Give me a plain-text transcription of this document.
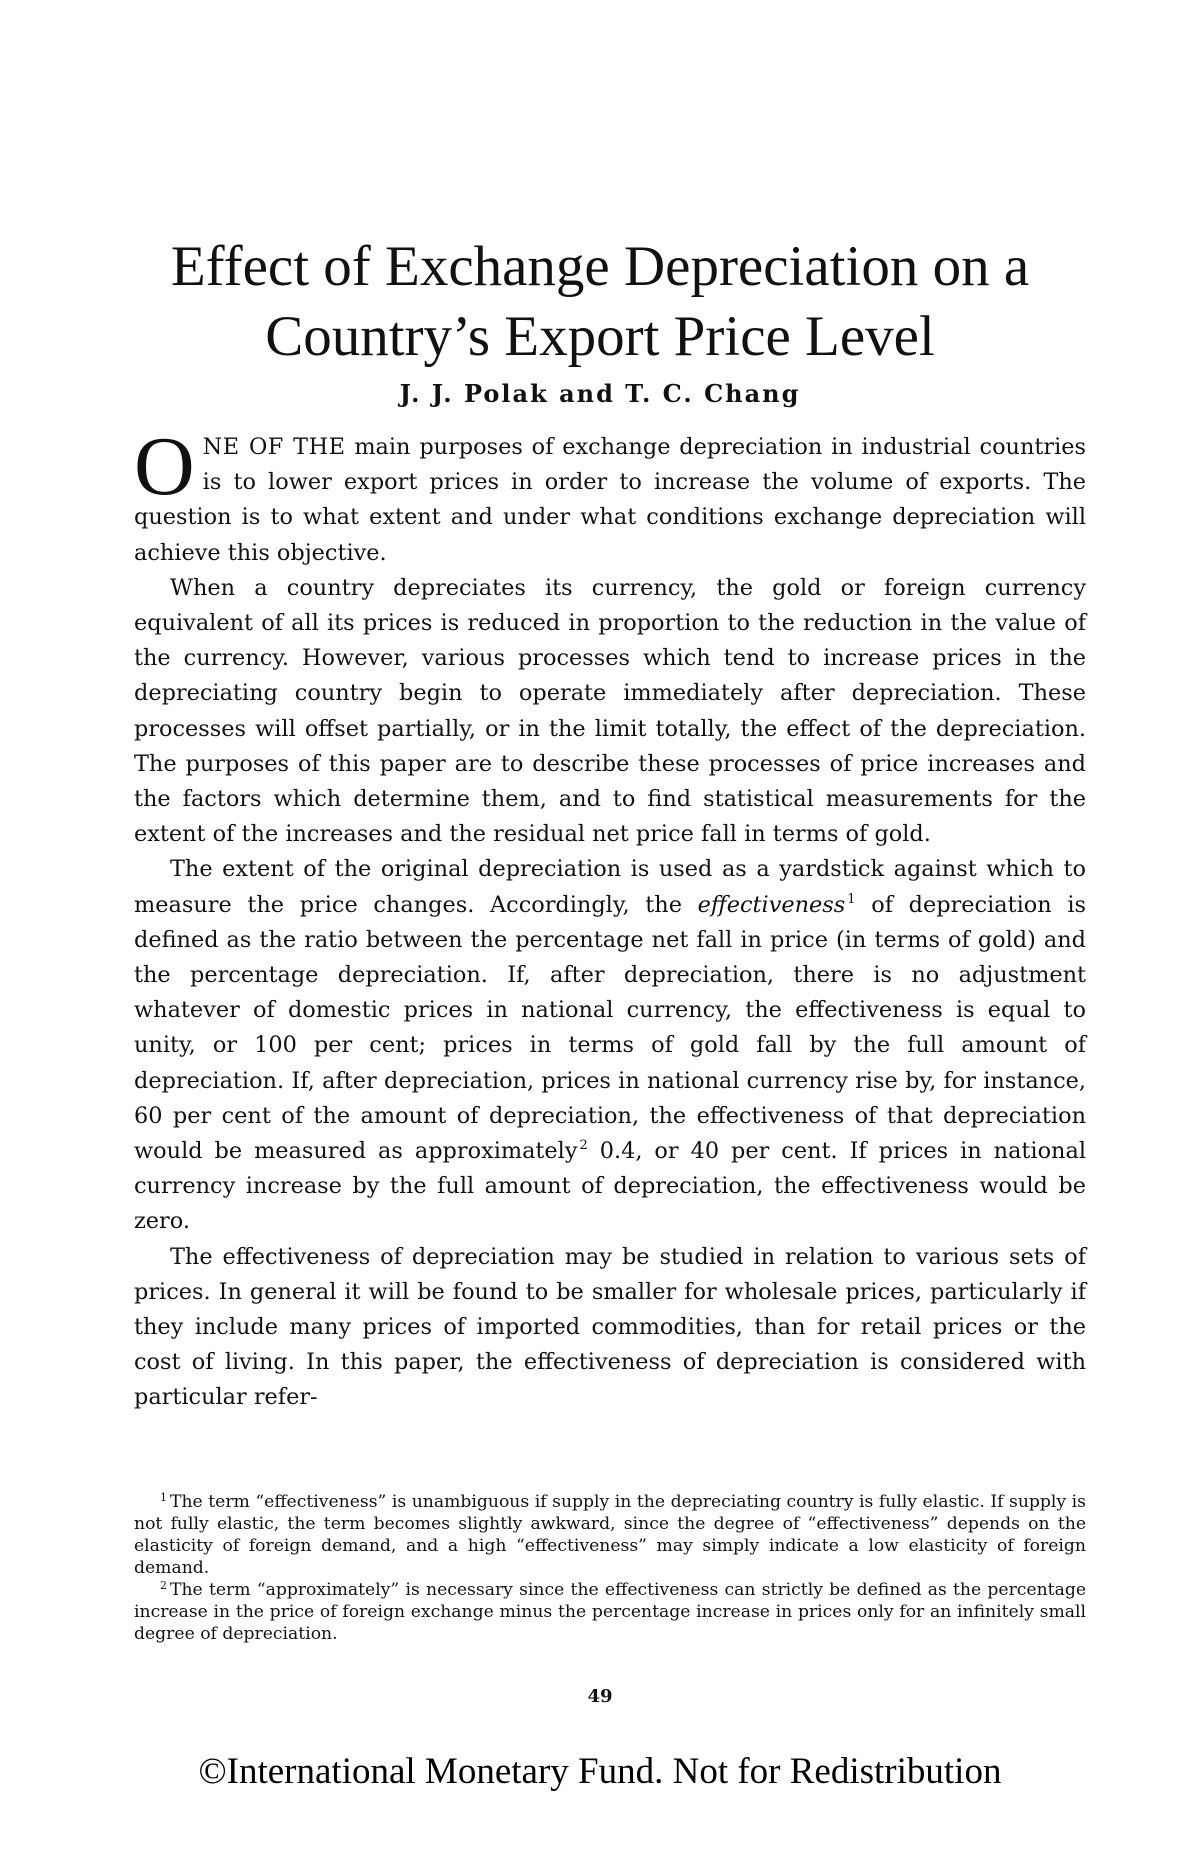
Effect of Exchange Depreciation on a
Country’s Export Price Level
J. J. Polak and T. C. Chang

ONE OF THE main purposes of exchange depreciation in industrial countries is to lower export prices in order to increase the volume of exports. The question is to what extent and under what conditions exchange depreciation will achieve this objective.

When a country depreciates its currency, the gold or foreign currency equivalent of all its prices is reduced in proportion to the reduction in the value of the currency. However, various processes which tend to increase prices in the depreciating country begin to operate immediately after depreciation. These processes will offset partially, or in the limit totally, the effect of the depreciation. The purposes of this paper are to describe these processes of price increases and the factors which determine them, and to find statistical measurements for the extent of the increases and the residual net price fall in terms of gold.

The extent of the original depreciation is used as a yardstick against which to measure the price changes. Accordingly, the effectiveness $^1$ of depreciation is defined as the ratio between the percentage net fall in price (in terms of gold) and the percentage depreciation. If, after depreciation, there is no adjustment whatever of domestic prices in national currency, the effectiveness is equal to unity, or 100 per cent; prices in terms of gold fall by the full amount of depreciation. If, after depreciation, prices in national currency rise by, for instance, 60 per cent of the amount of depreciation, the effectiveness of that depreciation would be measured as approximately $^2$ 0.4, or 40 per cent. If prices in national currency increase by the full amount of depreciation, the effectiveness would be zero.

The effectiveness of depreciation may be studied in relation to various sets of prices. In general it will be found to be smaller for wholesale prices, particularly if they include many prices of imported commodities, than for retail prices or the cost of living. In this paper, the effectiveness of depreciation is considered with particular refer-

$^1$ The term “effectiveness” is unambiguous if supply in the depreciating country is fully elastic. If supply is not fully elastic, the term becomes slightly awkward, since the degree of “effectiveness” depends on the elasticity of foreign demand, and a high “effectiveness” may simply indicate a low elasticity of foreign demand.

$^2$ The term “approximately” is necessary since the effectiveness can strictly be defined as the percentage increase in the price of foreign exchange minus the percentage increase in prices only for an infinitely small degree of depreciation.

49
©International Monetary Fund. Not for Redistribution
